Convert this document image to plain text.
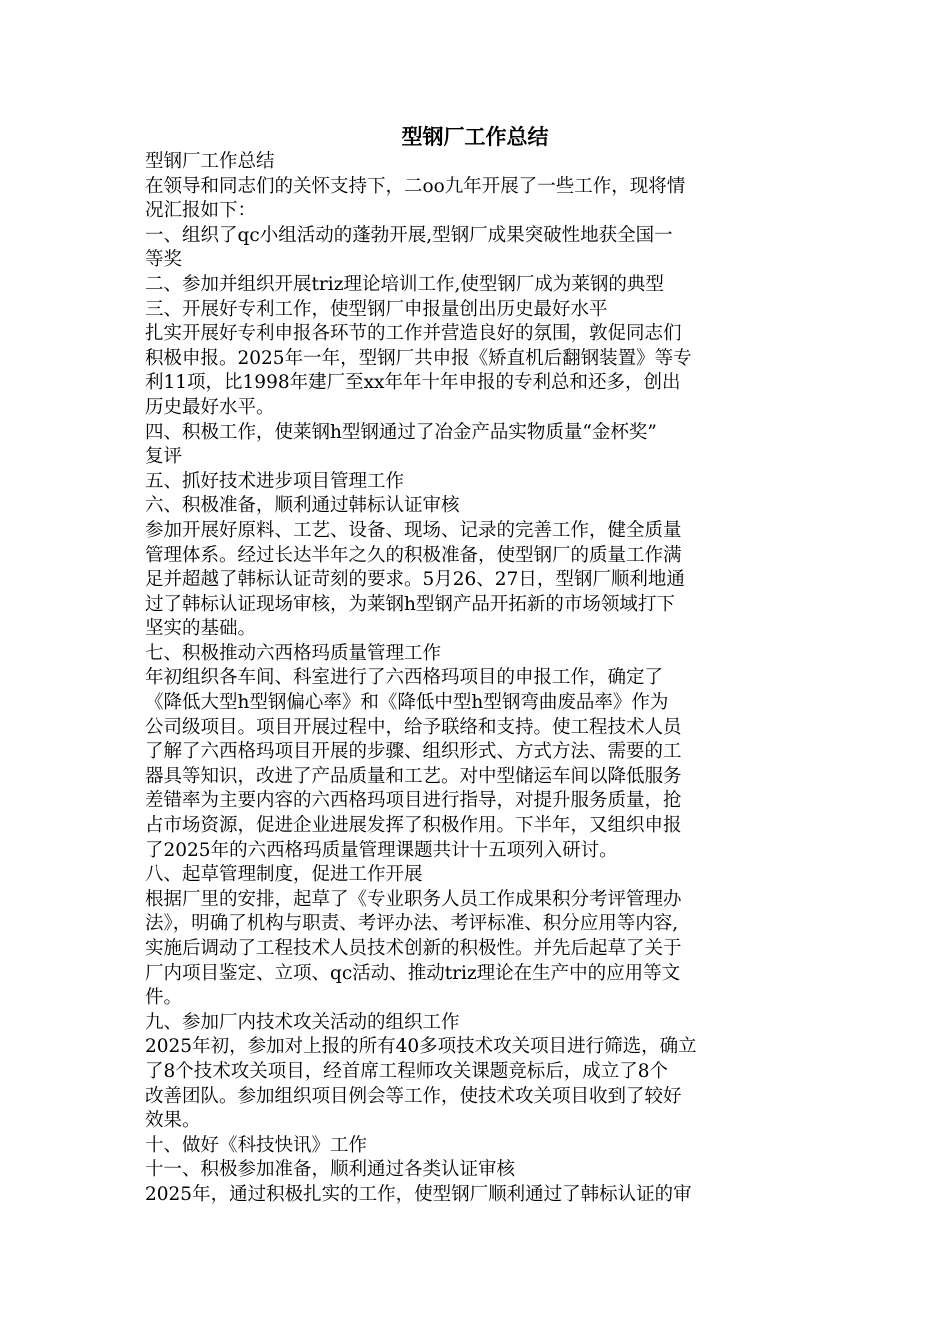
型钢厂工作总结
型钢厂工作总结
在领导和同志们的关怀支持下，二oo九年开展了一些工作，现将情
况汇报如下：
一、组织了qc小组活动的蓬勃开展,型钢厂成果突破性地获全国一
等奖
二、参加并组织开展triz理论培训工作,使型钢厂成为莱钢的典型
三、开展好专利工作，使型钢厂申报量创出历史最好水平
扎实开展好专利申报各环节的工作并营造良好的氛围，敦促同志们
积极申报。2025年一年，型钢厂共申报《矫直机后翻钢装置》等专
利11项，比1998年建厂至xx年年十年申报的专利总和还多，创出
历史最好水平。
四、积极工作，使莱钢h型钢通过了冶金产品实物质量“金杯奖”
复评
五、抓好技术进步项目管理工作
六、积极准备，顺利通过韩标认证审核
参加开展好原料、工艺、设备、现场、记录的完善工作，健全质量
管理体系。经过长达半年之久的积极准备，使型钢厂的质量工作满
足并超越了韩标认证苛刻的要求。5月26、27日，型钢厂顺利地通
过了韩标认证现场审核，为莱钢h型钢产品开拓新的市场领域打下
坚实的基础。
七、积极推动六西格玛质量管理工作
年初组织各车间、科室进行了六西格玛项目的申报工作，确定了
《降低大型h型钢偏心率》和《降低中型h型钢弯曲废品率》作为
公司级项目。项目开展过程中，给予联络和支持。使工程技术人员
了解了六西格玛项目开展的步骤、组织形式、方式方法、需要的工
器具等知识，改进了产品质量和工艺。对中型储运车间以降低服务
差错率为主要内容的六西格玛项目进行指导，对提升服务质量，抢
占市场资源，促进企业进展发挥了积极作用。下半年，又组织申报
了2025年的六西格玛质量管理课题共计十五项列入研讨。
八、起草管理制度，促进工作开展
根据厂里的安排，起草了《专业职务人员工作成果积分考评管理办
法》，明确了机构与职责、考评办法、考评标准、积分应用等内容,
实施后调动了工程技术人员技术创新的积极性。并先后起草了关于
厂内项目鉴定、立项、qc活动、推动triz理论在生产中的应用等文
件。
九、参加厂内技术攻关活动的组织工作
2025年初，参加对上报的所有40多项技术攻关项目进行筛选，确立
了8个技术攻关项目，经首席工程师攻关课题竞标后，成立了8个
改善团队。参加组织项目例会等工作，使技术攻关项目收到了较好
效果。
十、做好《科技快讯》工作
十一、积极参加准备，顺利通过各类认证审核
2025年，通过积极扎实的工作，使型钢厂顺利通过了韩标认证的审
